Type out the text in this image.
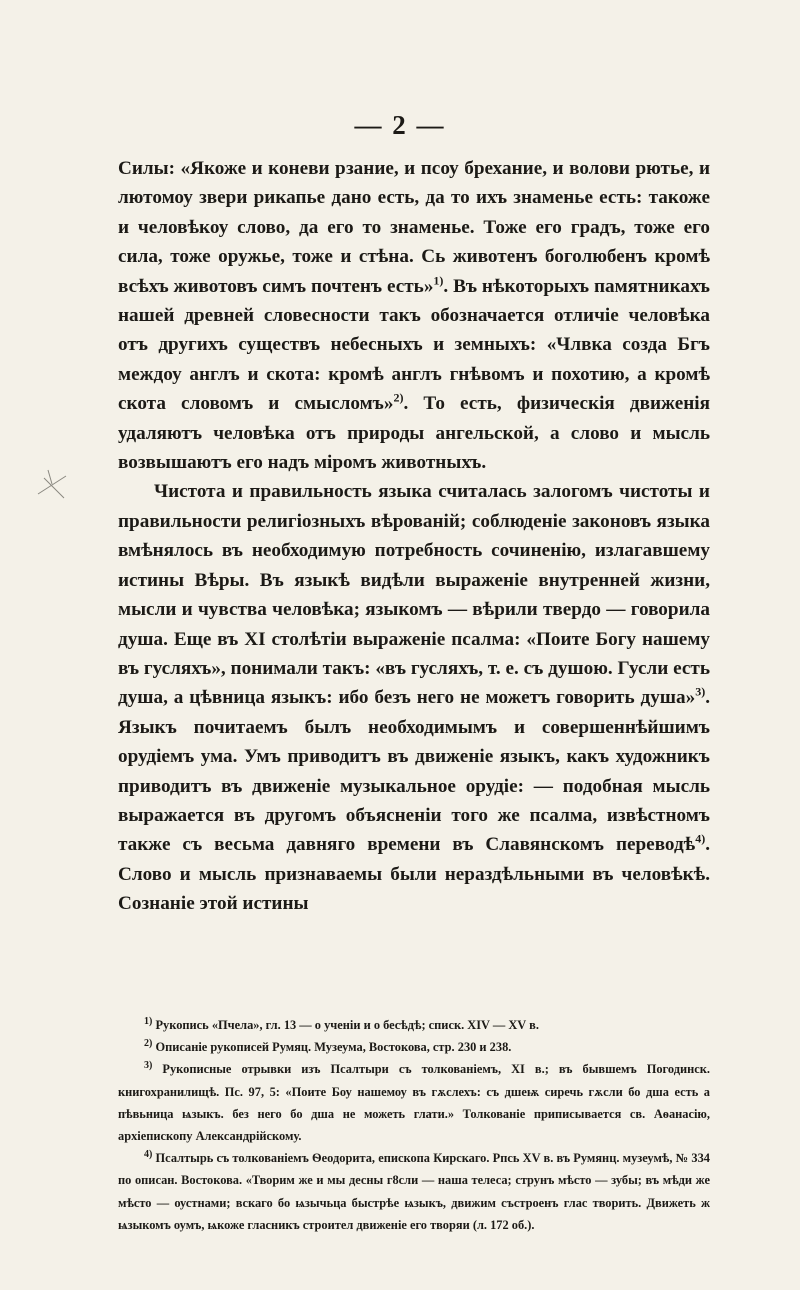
— 2 —

Силы: «Якоже и коневи рзание, и псоу брехание, и волови рютье, и лютомоу звери рикапье дано есть, да то ихъ знаменье есть: такоже и человѣкоу слово, да его то знаменье. Тоже его градъ, тоже его сила, тоже оружье, тоже и стѣна. Сь животенъ боголюбенъ кромѣ всѣхъ животовъ симъ почтенъ есть»$^{1)}$. Въ нѣкоторыхъ памятникахъ нашей древней словесности такъ обозначается отличіе человѣка отъ другихъ существъ небесныхъ и земныхъ: «Члвка созда Бгъ междоу англъ и скота: кромѣ англъ гнѣвомъ и похотию, а кромѣ скота словомъ и смысломъ»$^{2)}$. То есть, физическія движенія удаляютъ человѣка отъ природы ангельской, а слово и мысль возвышаютъ его надъ міромъ животныхъ.

Чистота и правильность языка считалась залогомъ чистоты и правильности религіозныхъ вѣрованій; соблюденіе законовъ языка вмѣнялось въ необходимую потребность сочиненію, излагавшему истины Вѣры. Въ языкѣ видѣли выраженіе внутренней жизни, мысли и чувства человѣка; языкомъ — вѣрили твердо — говорила душа. Еще въ XI столѣтіи выраженіе псалма: «Поите Богу нашему въ гусляхъ», понимали такъ: «въ гусляхъ, т. е. съ душою. Гусли есть душа, а цѣвница языкъ: ибо безъ него не можетъ говорить душа»$^{3)}$. Языкъ почитаемъ былъ необходимымъ и совершеннѣйшимъ орудіемъ ума. Умъ приводитъ въ движеніе языкъ, какъ художникъ приводитъ въ движеніе музыкальное орудіе: — подобная мысль выражается въ другомъ объясненіи того же псалма, извѣстномъ также съ весьма давняго времени въ Славянскомъ переводѣ$^{4)}$. Слово и мысль признаваемы были нераздѣльными въ человѣкѣ. Сознаніе этой истины

$^{1)}$ Рукопись «Пчела», гл. 13 — о ученіи и о бесѣдѣ; списк. XIV — XV в.

$^{2)}$ Описаніе рукописей Румяц. Музеума, Востокова, стр. 230 и 238.

$^{3)}$ Рукописные отрывки изъ Псалтыри съ толкованіемъ, XI в.; въ бывшемъ Погодинск. книгохранилищѣ. Пс. 97, 5: «Поите Боу нашемоу въ гѫслехъ: съ дшеѭ сиречь гѫсли бо дша есть а пѣвьница ѩзыкъ. без него бо дша не можеть глати.» Толкованіе приписывается св. Аѳанасію, архіепископу Александрійскому.

$^{4)}$ Псалтырь съ толкованіемъ Ѳеодорита, епископа Кирскаго. Рпсь XV в. въ Румянц. музеумѣ, № 334 по описан. Востокова. «Творим же и мы десны г8сли — наша телеса; струнъ мѣсто — зубы; въ мѣди же мѣсто — оустнами; вскаго бо ѩзычьца быстрѣе ѩзыкъ, движим състроенъ глас творить. Движеть ж ѩзыкомъ оумъ, ѩкоже гласникъ строител движеніе его творяи (л. 172 об.).
